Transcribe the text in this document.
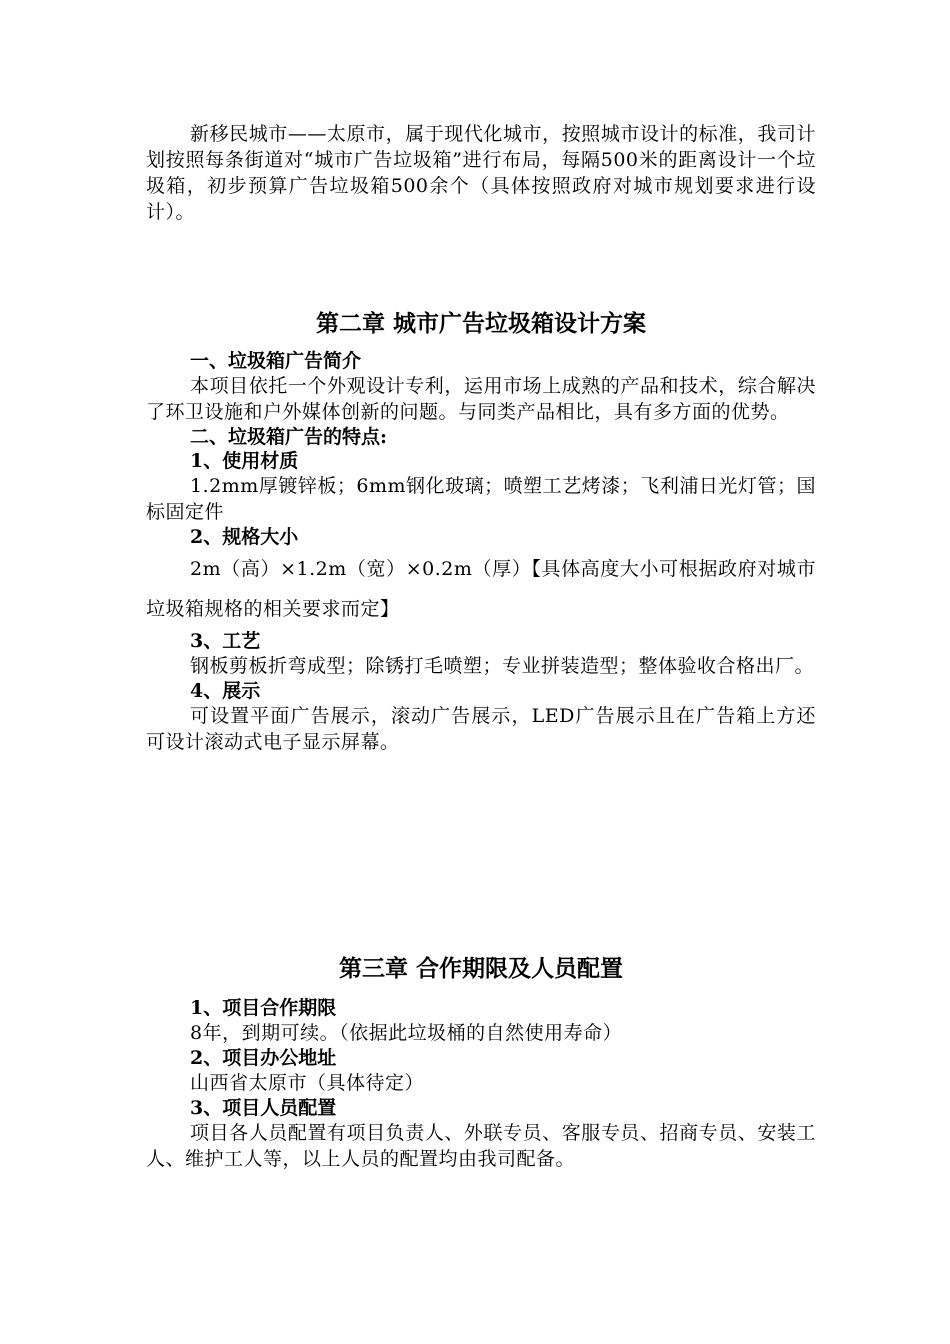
新移民城市——太原市，属于现代化城市，按照城市设计的标准，我司计划按照每条街道对“城市广告垃圾箱”进行布局，每隔500米的距离设计一个垃圾箱，初步预算广告垃圾箱500余个（具体按照政府对城市规划要求进行设计）。

第二章 城市广告垃圾箱设计方案

一、垃圾箱广告简介

本项目依托一个外观设计专利，运用市场上成熟的产品和技术，综合解决了环卫设施和户外媒体创新的问题。与同类产品相比，具有多方面的优势。

二、垃圾箱广告的特点:

1、使用材质

1.2mm厚镀锌板；6mm钢化玻璃；喷塑工艺烤漆；飞利浦日光灯管；国标固定件

2、规格大小

2m（高）×1.2m（宽）×0.2m（厚）【具体高度大小可根据政府对城市垃圾箱规格的相关要求而定】

3、工艺

钢板剪板折弯成型；除锈打毛喷塑；专业拼装造型；整体验收合格出厂。

4、展示

可设置平面广告展示，滚动广告展示，LED广告展示且在广告箱上方还可设计滚动式电子显示屏幕。

第三章 合作期限及人员配置

1、项目合作期限

8年，到期可续。（依据此垃圾桶的自然使用寿命）

2、项目办公地址

山西省太原市（具体待定）

3、项目人员配置

项目各人员配置有项目负责人、外联专员、客服专员、招商专员、安装工人、维护工人等，以上人员的配置均由我司配备。
